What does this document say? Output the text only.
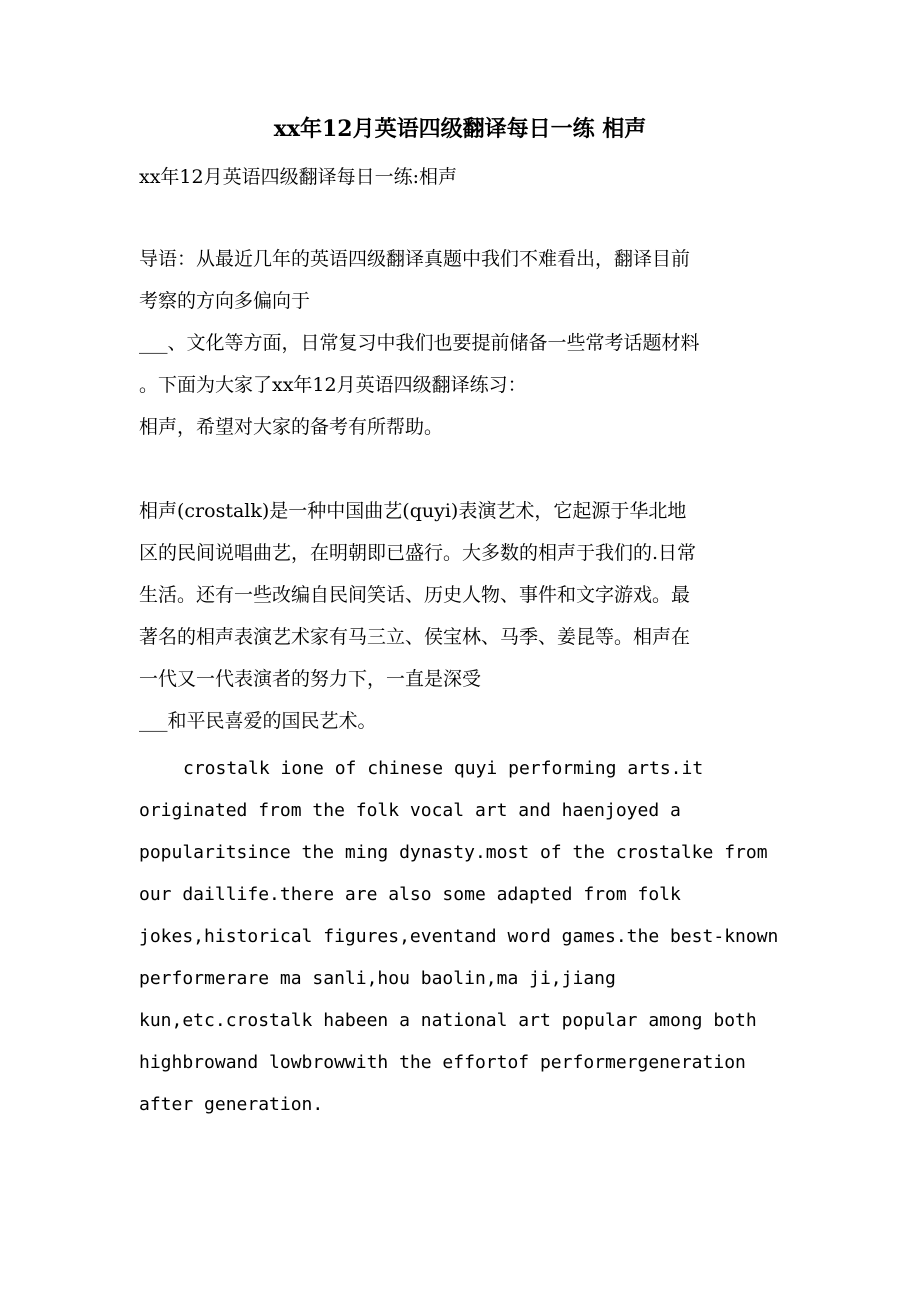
xx年12月英语四级翻译每日一练 相声
xx年12月英语四级翻译每日一练:相声
导语：从最近几年的英语四级翻译真题中我们不难看出，翻译目前
考察的方向多偏向于
___、文化等方面，日常复习中我们也要提前储备一些常考话题材料
。下面为大家了xx年12月英语四级翻译练习：
相声，希望对大家的备考有所帮助。
相声(crostalk)是一种中国曲艺(quyi)表演艺术，它起源于华北地
区的民间说唱曲艺，在明朝即已盛行。大多数的相声于我们的.日常
生活。还有一些改编自民间笑话、历史人物、事件和文字游戏。最
著名的相声表演艺术家有马三立、侯宝林、马季、姜昆等。相声在
一代又一代表演者的努力下，一直是深受
___和平民喜爱的国民艺术。
crostalk ione of chinese quyi performing arts.it
originated from the folk vocal art and haenjoyed a
popularitsince the ming dynasty.most of the crostalke from
our daillife.there are also some adapted from folk
jokes,historical figures,eventand word games.the best-known
performerare ma sanli,hou baolin,ma ji,jiang
kun,etc.crostalk habeen a national art popular among both
highbrowand lowbrowwith the effortof performergeneration
after generation.
